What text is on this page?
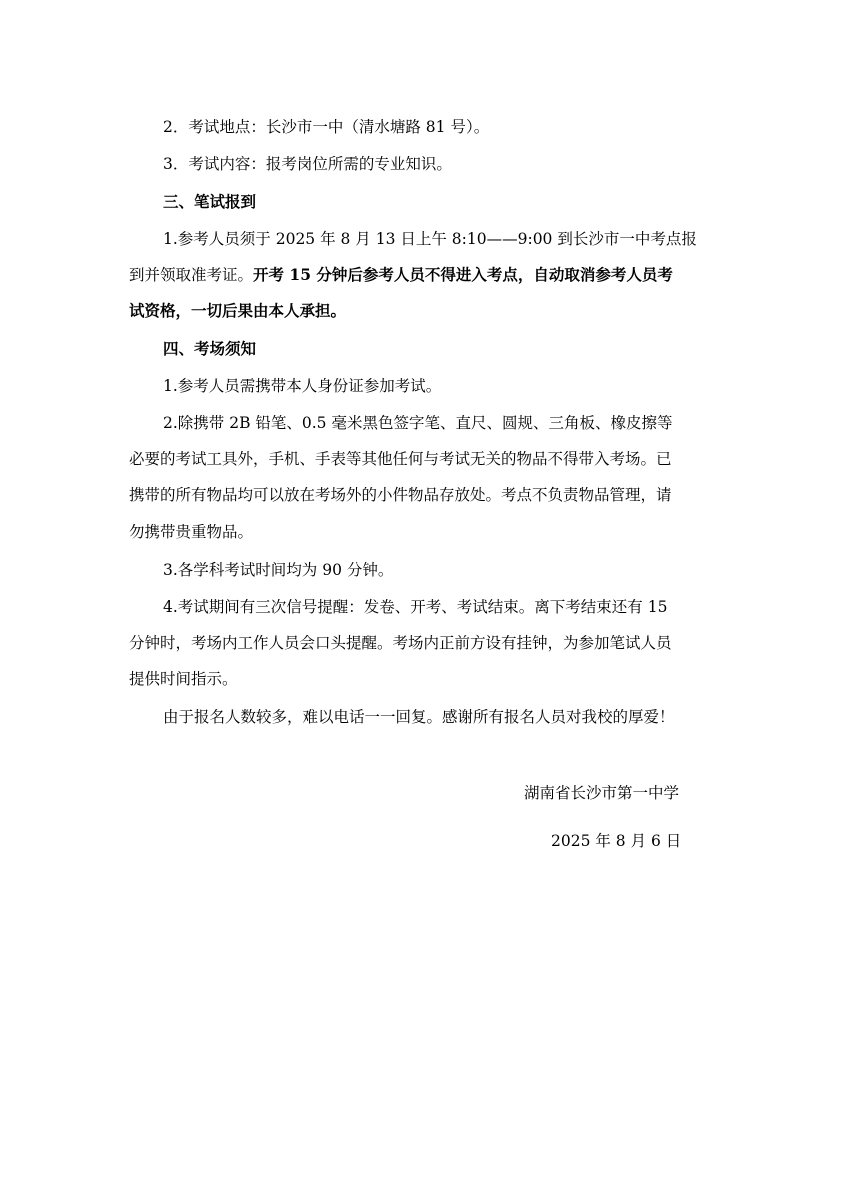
2．考试地点：长沙市一中（清水塘路 81 号）。
3．考试内容：报考岗位所需的专业知识。
三、笔试报到
1.参考人员须于 2025 年 8 月 13 日上午 8:10——9:00 到长沙市一中考点报
到并领取准考证。开考 15 分钟后参考人员不得进入考点，自动取消参考人员考
试资格，一切后果由本人承担。
四、考场须知
1.参考人员需携带本人身份证参加考试。
2.除携带 2B 铅笔、0.5 毫米黑色签字笔、直尺、圆规、三角板、橡皮擦等
必要的考试工具外，手机、手表等其他任何与考试无关的物品不得带入考场。已
携带的所有物品均可以放在考场外的小件物品存放处。考点不负责物品管理，请
勿携带贵重物品。
3.各学科考试时间均为 90 分钟。
4.考试期间有三次信号提醒：发卷、开考、考试结束。离下考结束还有 15
分钟时，考场内工作人员会口头提醒。考场内正前方设有挂钟，为参加笔试人员
提供时间指示。
由于报名人数较多，难以电话一一回复。感谢所有报名人员对我校的厚爱！
湖南省长沙市第一中学
2025 年 8 月 6 日
